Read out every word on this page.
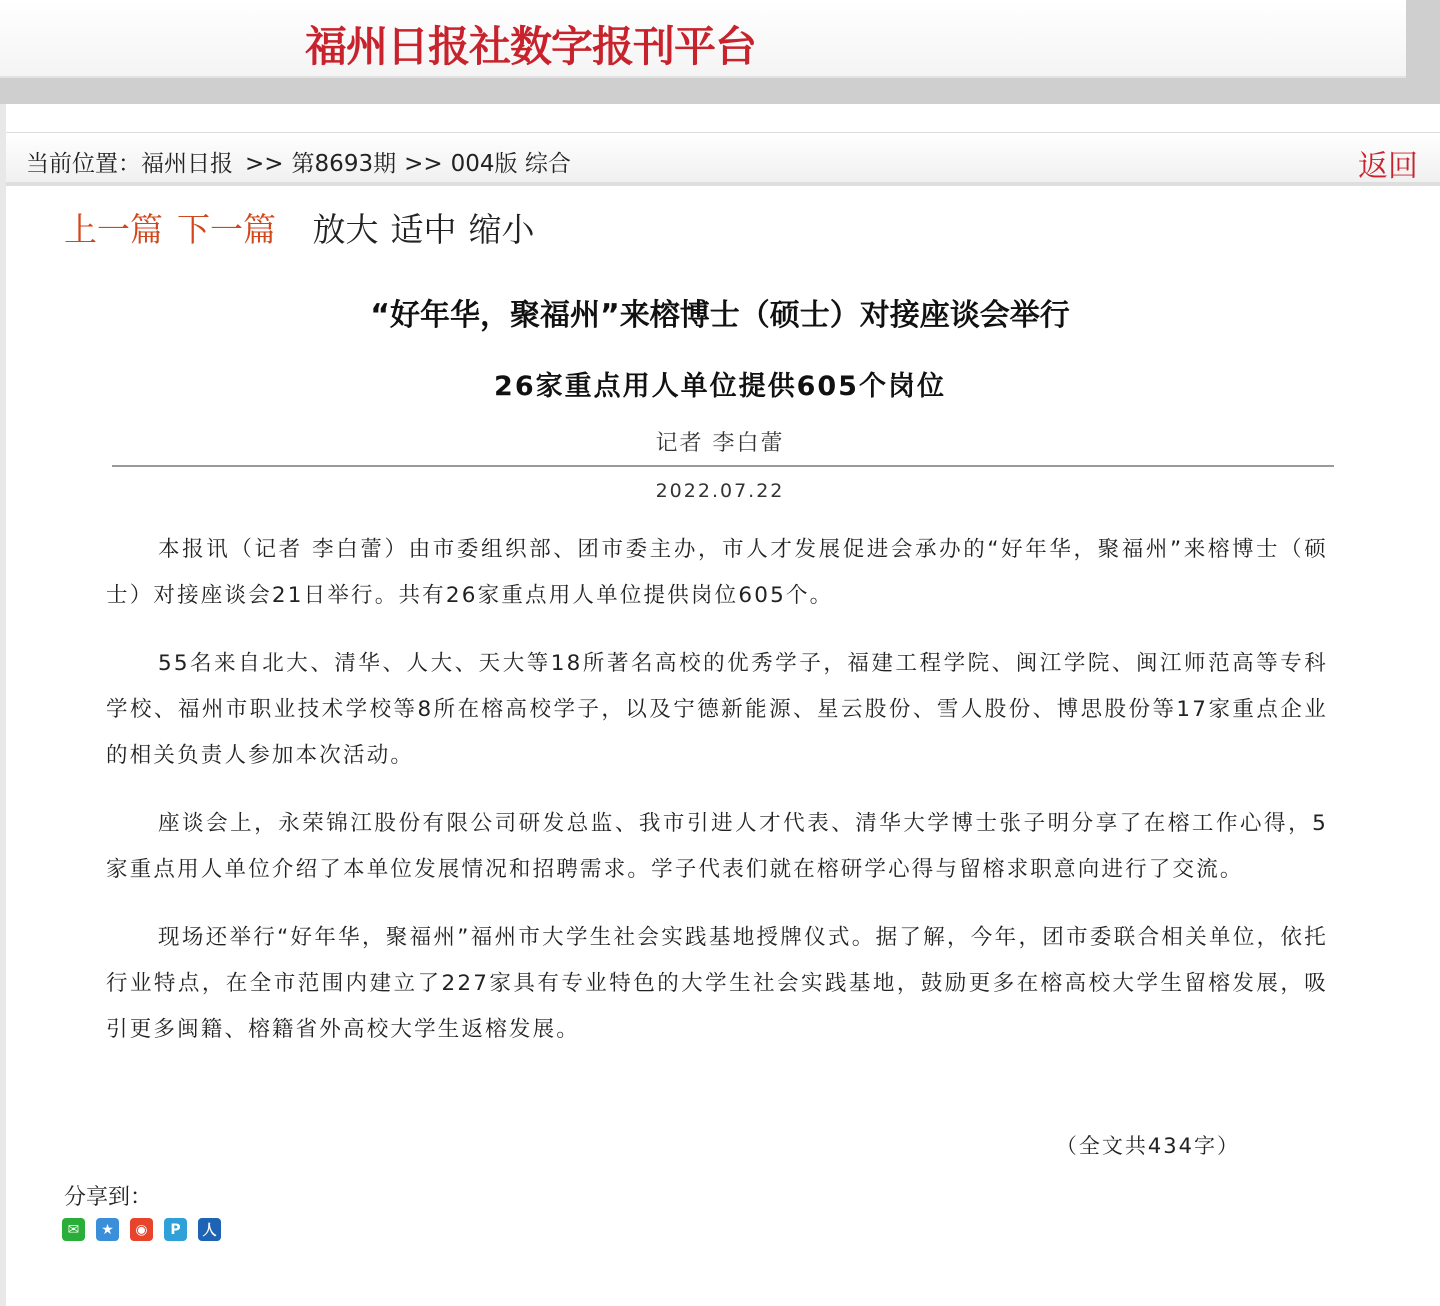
福州日报社数字报刊平台
当前位置：福州日报 >> 第8693期 >> 004版 综合	返回
上一篇 下一篇 放大 适中 缩小
“好年华，聚福州”来榕博士（硕士）对接座谈会举行
26家重点用人单位提供605个岗位
记者 李白蕾
2022.07.22

本报讯（记者 李白蕾）由市委组织部、团市委主办，市人才发展促进会承办的“好年华，聚福州”来榕博士（硕士）对接座谈会21日举行。共有26家重点用人单位提供岗位605个。

55名来自北大、清华、人大、天大等18所著名高校的优秀学子，福建工程学院、闽江学院、闽江师范高等专科学校、福州市职业技术学校等8所在榕高校学子，以及宁德新能源、星云股份、雪人股份、博思股份等17家重点企业的相关负责人参加本次活动。

座谈会上，永荣锦江股份有限公司研发总监、我市引进人才代表、清华大学博士张子明分享了在榕工作心得，5家重点用人单位介绍了本单位发展情况和招聘需求。学子代表们就在榕研学心得与留榕求职意向进行了交流。

现场还举行“好年华，聚福州”福州市大学生社会实践基地授牌仪式。据了解，今年，团市委联合相关单位，依托行业特点，在全市范围内建立了227家具有专业特色的大学生社会实践基地，鼓励更多在榕高校大学生留榕发展，吸引更多闽籍、榕籍省外高校大学生返榕发展。

（全文共434字）
分享到：
✉	★	◉	P	人
